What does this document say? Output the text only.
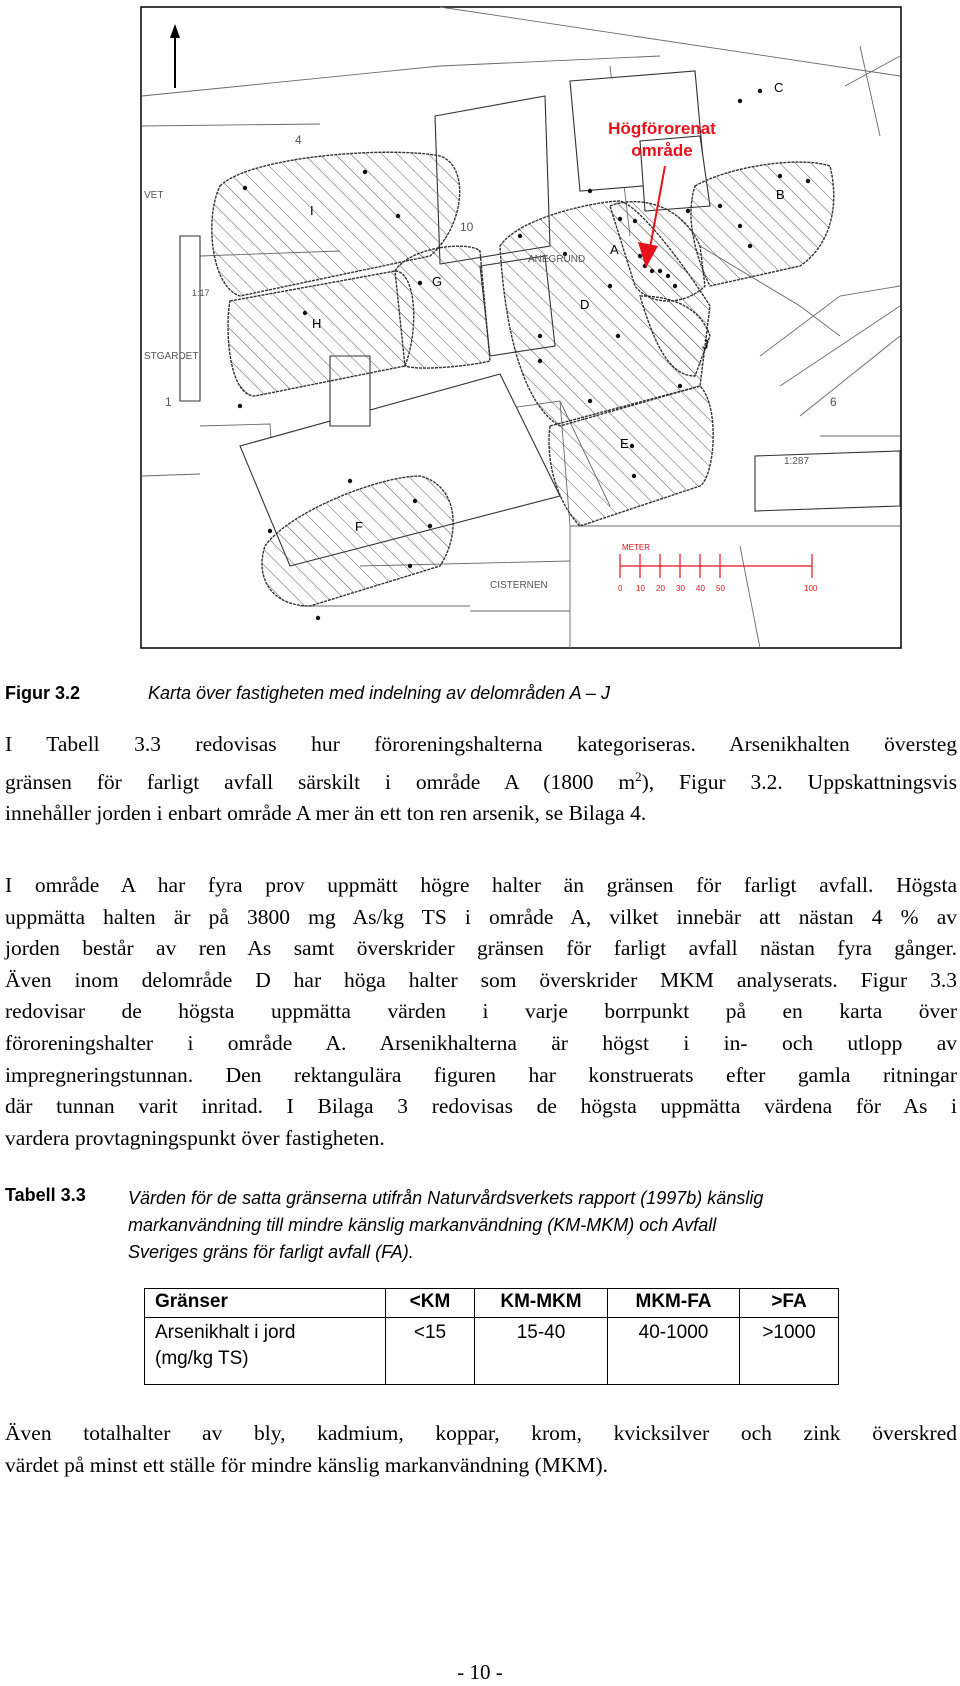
A
B
C
D
E
F
G
H
I
J
ANEGRUND
CISTERNEN
STGARDET
10
4
6
1
1:287
1:17
VET
METER
0 10 20 30 40 50	100
Högförorenat
område
Figur 3.2	Karta över fastigheten med indelning av delområden A – J
I Tabell 3.3 redovisas hur föroreningshalterna kategoriseras. Arsenikhalten översteg
gränsen för farligt avfall särskilt i område A (1800 $m^2$), Figur 3.2. Uppskattningsvis
innehåller jorden i enbart område A mer än ett ton ren arsenik, se Bilaga 4.
I område A har fyra prov uppmätt högre halter än gränsen för farligt avfall. Högsta
uppmätta halten är på 3800 mg As/kg TS i område A, vilket innebär att nästan 4 % av
jorden består av ren As samt överskrider gränsen för farligt avfall nästan fyra gånger.
Även inom delområde D har höga halter som överskrider MKM analyserats. Figur 3.3
redovisar de högsta uppmätta värden i varje borrpunkt på en karta över
föroreningshalter i område A. Arsenikhalterna är högst i in- och utlopp av
impregneringstunnan. Den rektangulära figuren har konstruerats efter gamla ritningar
där tunnan varit inritad. I Bilaga 3 redovisas de högsta uppmätta värdena för As i
vardera provtagningspunkt över fastigheten.
Tabell 3.3 Värden för de satta gränserna utifrån Naturvårdsverkets rapport (1997b) känslig
markanvändning till mindre känslig markanvändning (KM-MKM) och Avfall
Sveriges gräns för farligt avfall (FA).
Gränser	<KM	KM-MKM	MKM-FA	>FA
Arsenikhalt i jord
(mg/kg TS)	<15	15-40	40-1000	>1000
Även totalhalter av bly, kadmium, koppar, krom, kvicksilver och zink överskred
värdet på minst ett ställe för mindre känslig markanvändning (MKM).
- 10 -
